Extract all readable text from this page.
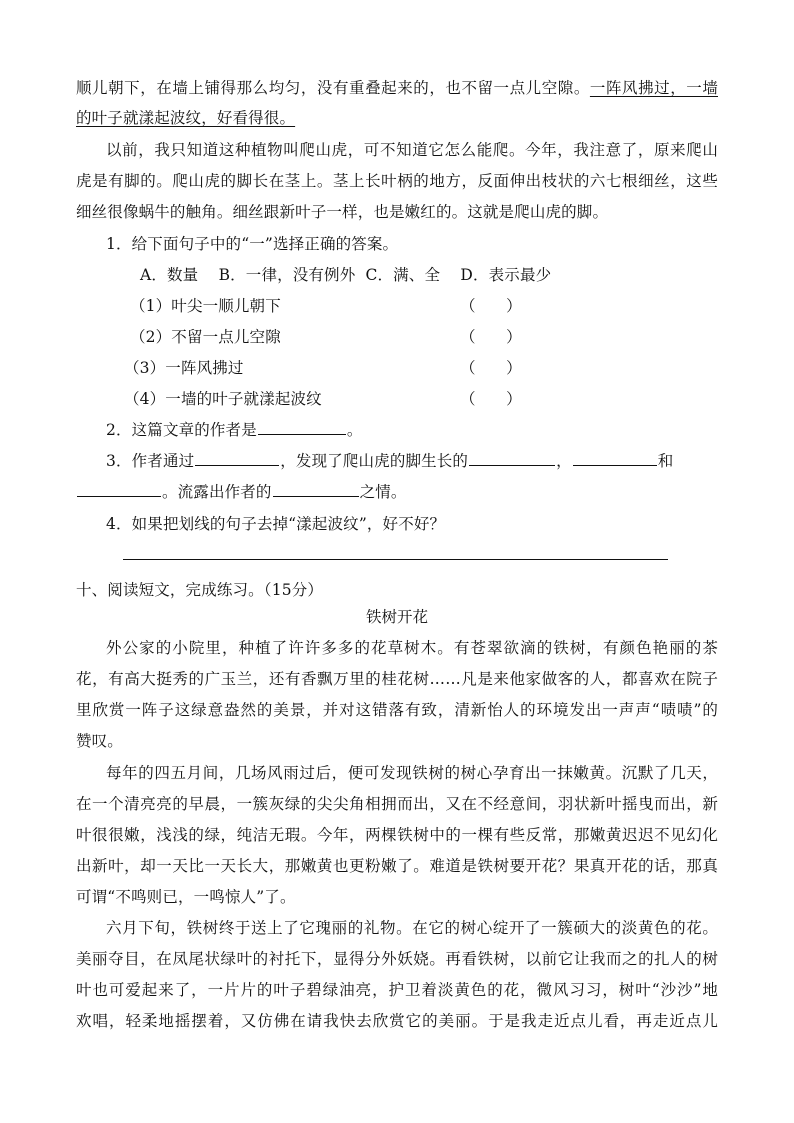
顺儿朝下，在墙上铺得那么均匀，没有重叠起来的，也不留一点儿空隙。一阵风拂过，一墙
的叶子就漾起波纹，好看得很。
以前，我只知道这种植物叫爬山虎，可不知道它怎么能爬。今年，我注意了，原来爬山
虎是有脚的。爬山虎的脚长在茎上。茎上长叶柄的地方，反面伸出枝状的六七根细丝，这些
细丝很像蜗牛的触角。细丝跟新叶子一样，也是嫩红的。这就是爬山虎的脚。
1．给下面句子中的“一”选择正确的答案。
A．数量    B．一律，没有例外  C．满、全    D．表示最少
（1）叶尖一顺儿朝下	（      ）
（2）不留一点儿空隙	（      ）
（3）一阵风拂过	（      ）
（4）一墙的叶子就漾起波纹	（      ）
2．这篇文章的作者是	。
3．作者通过	，发现了爬山虎的脚生长的	，	和
。流露出作者的	之情。
4．如果把划线的句子去掉“漾起波纹”，好不好？
十、阅读短文，完成练习。（15分）
铁树开花
外公家的小院里，种植了许许多多的花草树木。有苍翠欲滴的铁树，有颜色艳丽的茶
花，有高大挺秀的广玉兰，还有香飘万里的桂花树……凡是来他家做客的人，都喜欢在院子
里欣赏一阵子这绿意盎然的美景，并对这错落有致，清新怡人的环境发出一声声“啧啧”的
赞叹。
每年的四五月间，几场风雨过后，便可发现铁树的树心孕育出一抹嫩黄。沉默了几天，
在一个清亮亮的早晨，一簇灰绿的尖尖角相拥而出，又在不经意间，羽状新叶摇曳而出，新
叶很很嫩，浅浅的绿，纯洁无瑕。今年，两棵铁树中的一棵有些反常，那嫩黄迟迟不见幻化
出新叶，却一天比一天长大，那嫩黄也更粉嫩了。难道是铁树要开花？果真开花的话，那真
可谓“不鸣则已，一鸣惊人”了。
六月下旬，铁树终于送上了它瑰丽的礼物。在它的树心绽开了一簇硕大的淡黄色的花。
美丽夺目，在凤尾状绿叶的衬托下，显得分外妖娆。再看铁树，以前它让我而之的扎人的树
叶也可爱起来了，一片片的叶子碧绿油亮，护卫着淡黄色的花，微风习习，树叶“沙沙”地
欢唱，轻柔地摇摆着，又仿佛在请我快去欣赏它的美丽。于是我走近点儿看，再走近点儿
